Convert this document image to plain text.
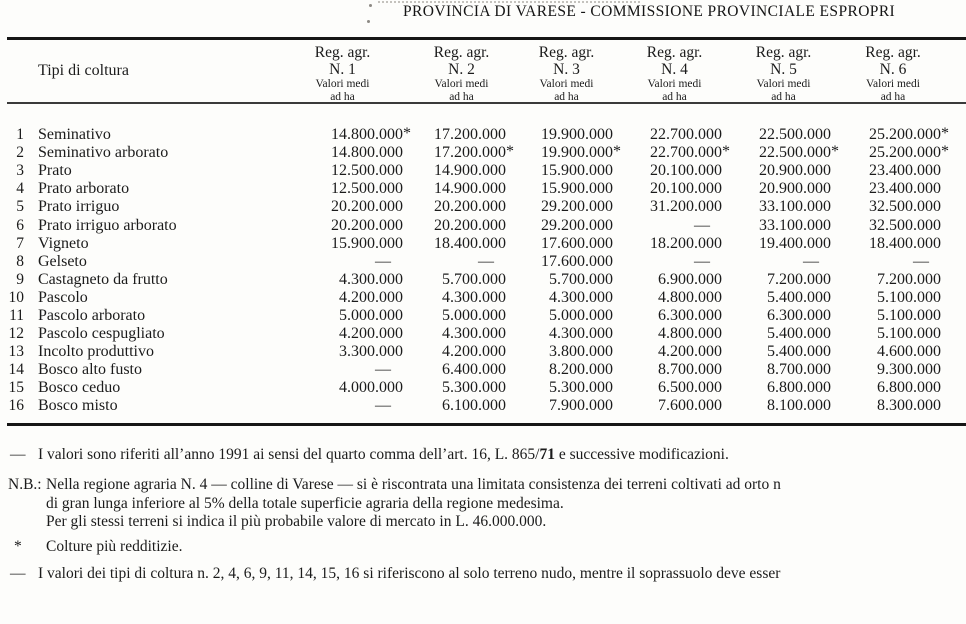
PROVINCIA DI VARESE - COMMISSIONE PROVINCIALE ESPROPRI
Tipi di coltura		Reg. agr.
N. 1
Valori medi
ad ha	Reg. agr.
N. 2
Valori medi
ad ha	Reg. agr.
N. 3
Valori medi
ad ha	Reg. agr.
N. 4
Valori medi
ad ha	Reg. agr.
N. 5
Valori medi
ad ha	Reg. agr.
N. 6
Valori medi
ad ha

1	Seminativo	14.800.000 *	17.200.000	19.900.000	22.700.000	22.500.000	25.200.000 *

2	Seminativo arborato	14.800.000	17.200.000 *	19.900.000 *	22.700.000 *	22.500.000 *	25.200.000 *

3	Prato	12.500.000	14.900.000	15.900.000	20.100.000	20.900.000	23.400.000
4	Prato arborato	12.500.000	14.900.000	15.900.000	20.100.000	20.900.000	23.400.000
5	Prato irriguo	20.200.000	20.200.000	29.200.000	31.200.000	33.100.000	32.500.000
6	Prato irriguo arborato	20.200.000	20.200.000	29.200.000	—	33.100.000	32.500.000
7	Vigneto	15.900.000	18.400.000	17.600.000	18.200.000	19.400.000	18.400.000
8	Gelseto	—	—	17.600.000	—	—	—
9	Castagneto da frutto	4.300.000	5.700.000	5.700.000	6.900.000	7.200.000	7.200.000
10	Pascolo	4.200.000	4.300.000	4.300.000	4.800.000	5.400.000	5.100.000
11	Pascolo arborato	5.000.000	5.000.000	5.000.000	6.300.000	6.300.000	5.100.000
12	Pascolo cespugliato	4.200.000	4.300.000	4.300.000	4.800.000	5.400.000	5.100.000
13	Incolto produttivo	3.300.000	4.200.000	3.800.000	4.200.000	5.400.000	4.600.000
14	Bosco alto fusto	—	6.400.000	8.200.000	8.700.000	8.700.000	9.300.000
15	Bosco ceduo	4.000.000	5.300.000	5.300.000	6.500.000	6.800.000	6.800.000
16	Bosco misto	—	6.100.000	7.900.000	7.600.000	8.100.000	8.300.000
— I valori sono riferiti all’anno 1991 ai sensi del quarto comma dell’art. 16, L. 865/71 e successive modificazioni.
N.B.: Nella regione agraria N. 4 — colline di Varese — si è riscontrata una limitata consistenza dei terreni coltivati ad orto n
di gran lunga inferiore al 5% della totale superficie agraria della regione medesima.
Per gli stessi terreni si indica il più probabile valore di mercato in L. 46.000.000.
*	Colture più redditizie.
— I valori dei tipi di coltura n. 2, 4, 6, 9, 11, 14, 15, 16 si riferiscono al solo terreno nudo, mentre il soprassuolo deve esser
